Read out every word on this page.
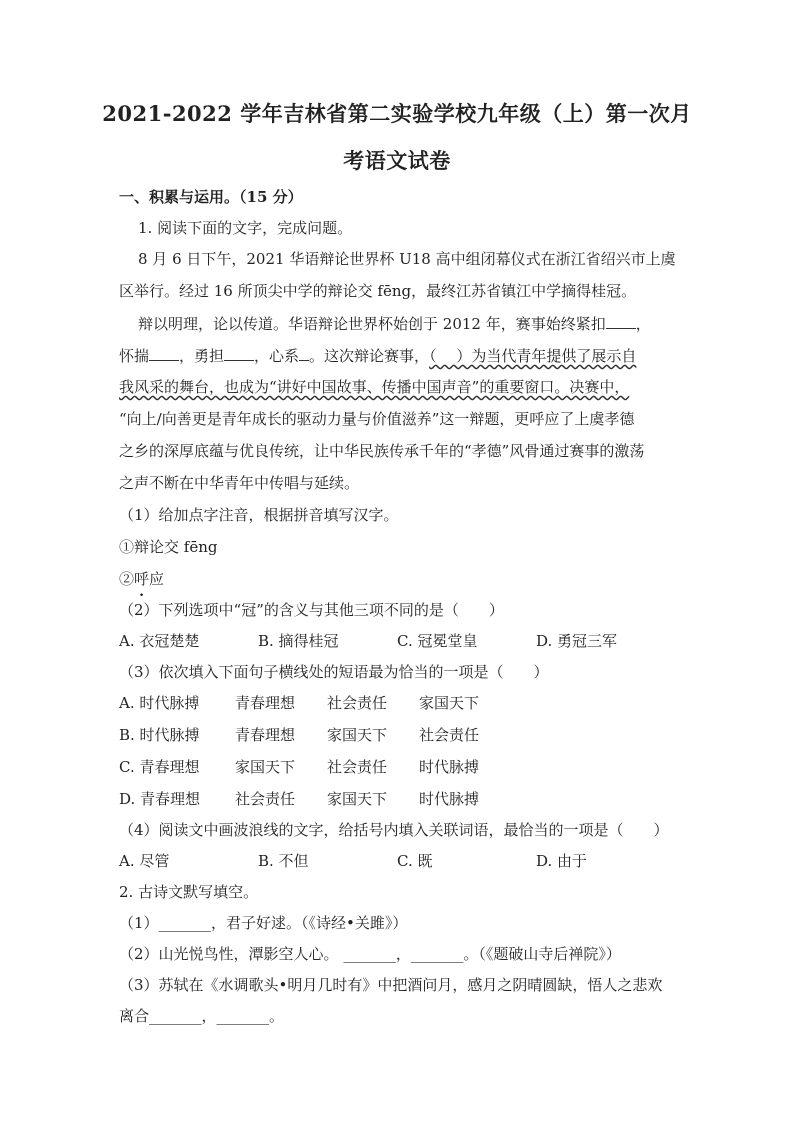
2021-2022 学年吉林省第二实验学校九年级（上）第一次月
考语文试卷
一、积累与运用。（15 分）
1. 阅读下面的文字，完成问题。
8 月 6 日下午，2021 华语辩论世界杯 U18 高中组闭幕仪式在浙江省绍兴市上虞
区举行。经过 16 所顶尖中学的辩论交 fēng，最终江苏省镇江中学摘得桂冠。
辩以明理，论以传道。华语辩论世界杯始创于 2012 年，赛事始终紧扣 ，
怀揣 ，勇担 ，心系 。这次辩论赛事，（　 ）为当代青年提供了展示自
我风采的舞台，也成为“讲好中国故事、传播中国声音”的重要窗口。决赛中，
“向上/向善更是青年成长的驱动力量与价值滋养”这一辩题，更呼应了上虞孝德
之乡的深厚底蕴与优良传统，让中华民族传承千年的“孝德”风骨通过赛事的激荡
之声不断在中华青年中传唱与延续。
（1）给加点字注音，根据拼音填写汉字。
①辩论交 fēng
②呼应
（2）下列选项中“冠”的含义与其他三项不同的是（　　）
A. 衣冠楚楚	B. 摘得桂冠	C. 冠冕堂皇	D. 勇冠三军
（3）依次填入下面句子横线处的短语最为恰当的一项是（　　）
A. 时代脉搏 青春理想 社会责任 家国天下
B. 时代脉搏 青春理想 家国天下 社会责任
C. 青春理想 家国天下 社会责任 时代脉搏
D. 青春理想 社会责任 家国天下 时代脉搏
（4）阅读文中画波浪线的文字，给括号内填入关联词语，最恰当的一项是（　　）
A. 尽管	B. 不但	C. 既	D. 由于
2. 古诗文默写填空。
（1）_______，君子好逑。（《诗经•关雎》）
（2）山光悦鸟性，潭影空人心。 _______，_______。（《题破山寺后禅院》）
（3）苏轼在《水调歌头•明月几时有》中把酒问月，感月之阴晴圆缺，悟人之悲欢
离合_______，_______。
